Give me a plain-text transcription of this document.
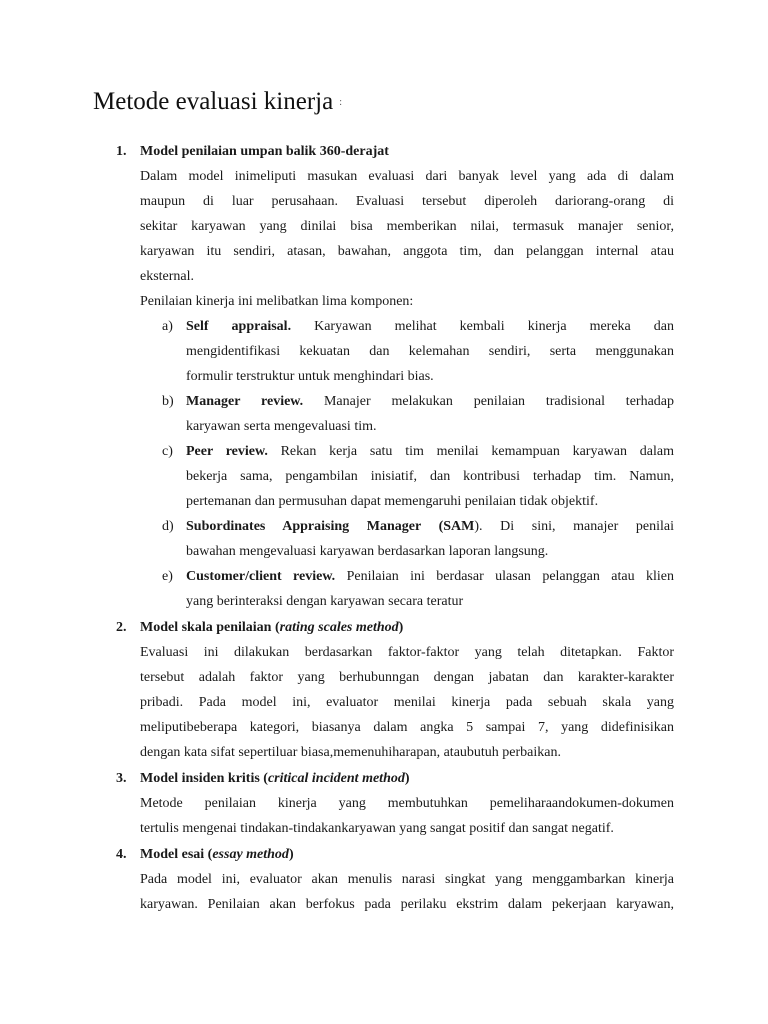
Metode evaluasi kinerja :
1. Model penilaian umpan balik 360-derajat
Dalam model inimeliputi masukan evaluasi dari banyak level yang ada di dalam
maupun di luar perusahaan. Evaluasi tersebut diperoleh dariorang-orang di
sekitar karyawan yang dinilai bisa memberikan nilai, termasuk manajer senior,
karyawan itu sendiri, atasan, bawahan, anggota tim, dan pelanggan internal atau
eksternal.
Penilaian kinerja ini melibatkan lima komponen:
a) Self appraisal. Karyawan melihat kembali kinerja mereka dan
mengidentifikasi kekuatan dan kelemahan sendiri, serta menggunakan
formulir terstruktur untuk menghindari bias.
b) Manager review. Manajer melakukan penilaian tradisional terhadap
karyawan serta mengevaluasi tim.
c) Peer review. Rekan kerja satu tim menilai kemampuan karyawan dalam
bekerja sama, pengambilan inisiatif, dan kontribusi terhadap tim. Namun,
pertemanan dan permusuhan dapat memengaruhi penilaian tidak objektif.
d) Subordinates Appraising Manager (SAM). Di sini, manajer penilai
bawahan mengevaluasi karyawan berdasarkan laporan langsung.
e) Customer/client review. Penilaian ini berdasar ulasan pelanggan atau klien
yang berinteraksi dengan karyawan secara teratur
2. Model skala penilaian (rating scales method)
Evaluasi ini dilakukan berdasarkan faktor-faktor yang telah ditetapkan. Faktor
tersebut adalah faktor yang berhubunngan dengan jabatan dan karakter-karakter
pribadi. Pada model ini, evaluator menilai kinerja pada sebuah skala yang
meliputibeberapa kategori, biasanya dalam angka 5 sampai 7, yang didefinisikan
dengan kata sifat sepertiluar biasa,memenuhiharapan, ataubutuh perbaikan.
3. Model insiden kritis (critical incident method)
Metode penilaian kinerja yang membutuhkan pemeliharaandokumen-dokumen
tertulis mengenai tindakan-tindakankaryawan yang sangat positif dan sangat negatif.
4. Model esai (essay method)
Pada model ini, evaluator akan menulis narasi singkat yang menggambarkan kinerja
karyawan. Penilaian akan berfokus pada perilaku ekstrim dalam pekerjaan karyawan,
